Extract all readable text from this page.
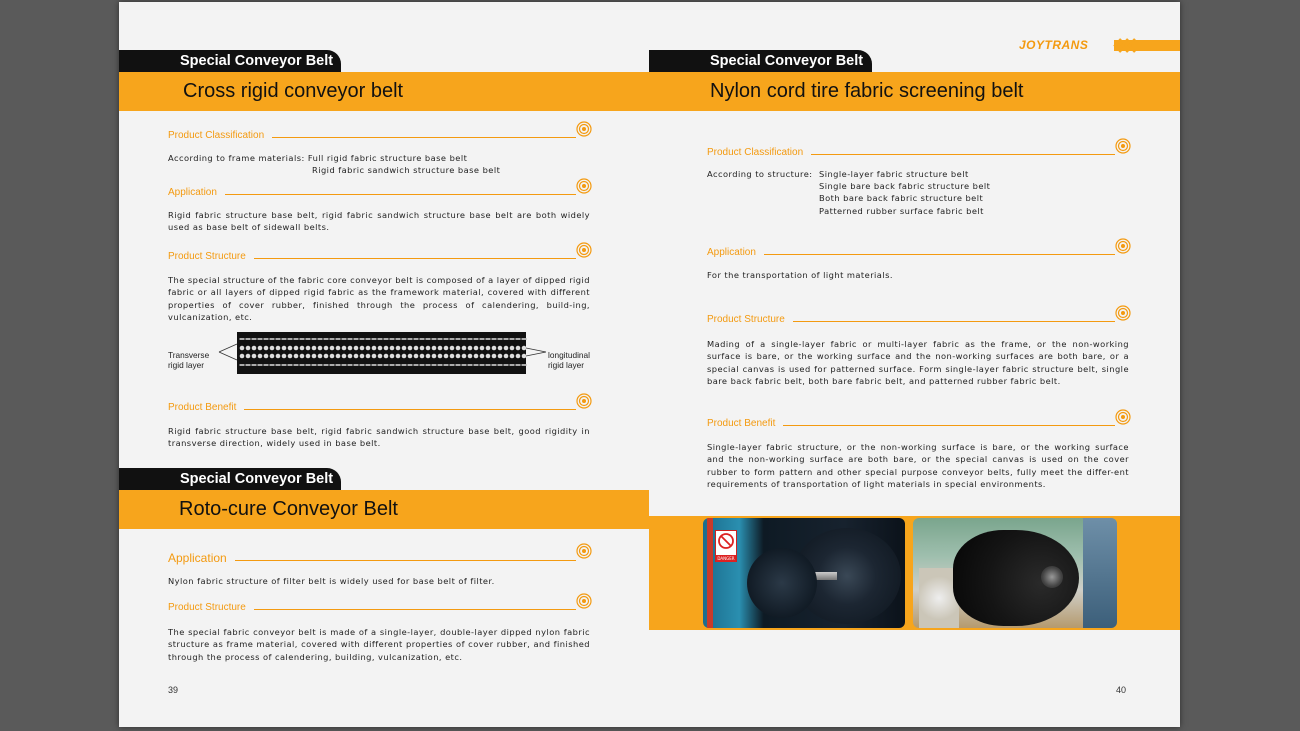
Special Conveyor Belt
Cross rigid conveyor belt
Product Classification
According to frame materials: Full rigid fabric structure base belt
Rigid fabric sandwich structure base belt
Application
Rigid fabric structure base belt, rigid fabric sandwich structure base belt are both widely used as base belt of sidewall belts.
Product Structure
The special structure of the fabric core conveyor belt is composed of a layer of dipped rigid fabric or all layers of dipped rigid fabric as the framework material, covered with different properties of cover rubber, finished through the process of calendering, build-ing, vulcanization, etc.
Transverse
rigid layer
longitudinal
rigid layer
Product Benefit
Rigid fabric structure base belt, rigid fabric sandwich structure base belt, good rigidity in transverse direction, widely used in base belt.
Special Conveyor Belt
Roto-cure Conveyor Belt
Application
Nylon fabric structure of filter belt is widely used for base belt of filter.
Product Structure
The special fabric conveyor belt is made of a single-layer, double-layer dipped nylon fabric structure as frame material, covered with different properties of cover rubber, and finished through the process of calendering, building, vulcanization, etc.
39
JOYTRANS
Special Conveyor Belt
Nylon cord tire fabric screening belt
Product Classification
According to structure: Single-layer fabric structure belt
Single bare back fabric structure belt
Both bare back fabric structure belt
Patterned rubber surface fabric belt
Application
For the transportation of light materials.
Product Structure
Mading of a single-layer fabric or multi-layer fabric as the frame, or the non-working surface is bare, or the working surface and the non-working surfaces are both bare, or a special canvas is used for patterned surface. Form single-layer fabric structure belt, single bare back fabric belt, both bare fabric belt, and patterned rubber fabric belt.
Product Benefit
Single-layer fabric structure, or the non-working surface is bare, or the working surface and the non-working surface are both bare, or the special canvas is used on the cover rubber to form pattern and other special purpose conveyor belts, fully meet the differ-ent requirements of transportation of light materials in special environments.
DANGER
40
